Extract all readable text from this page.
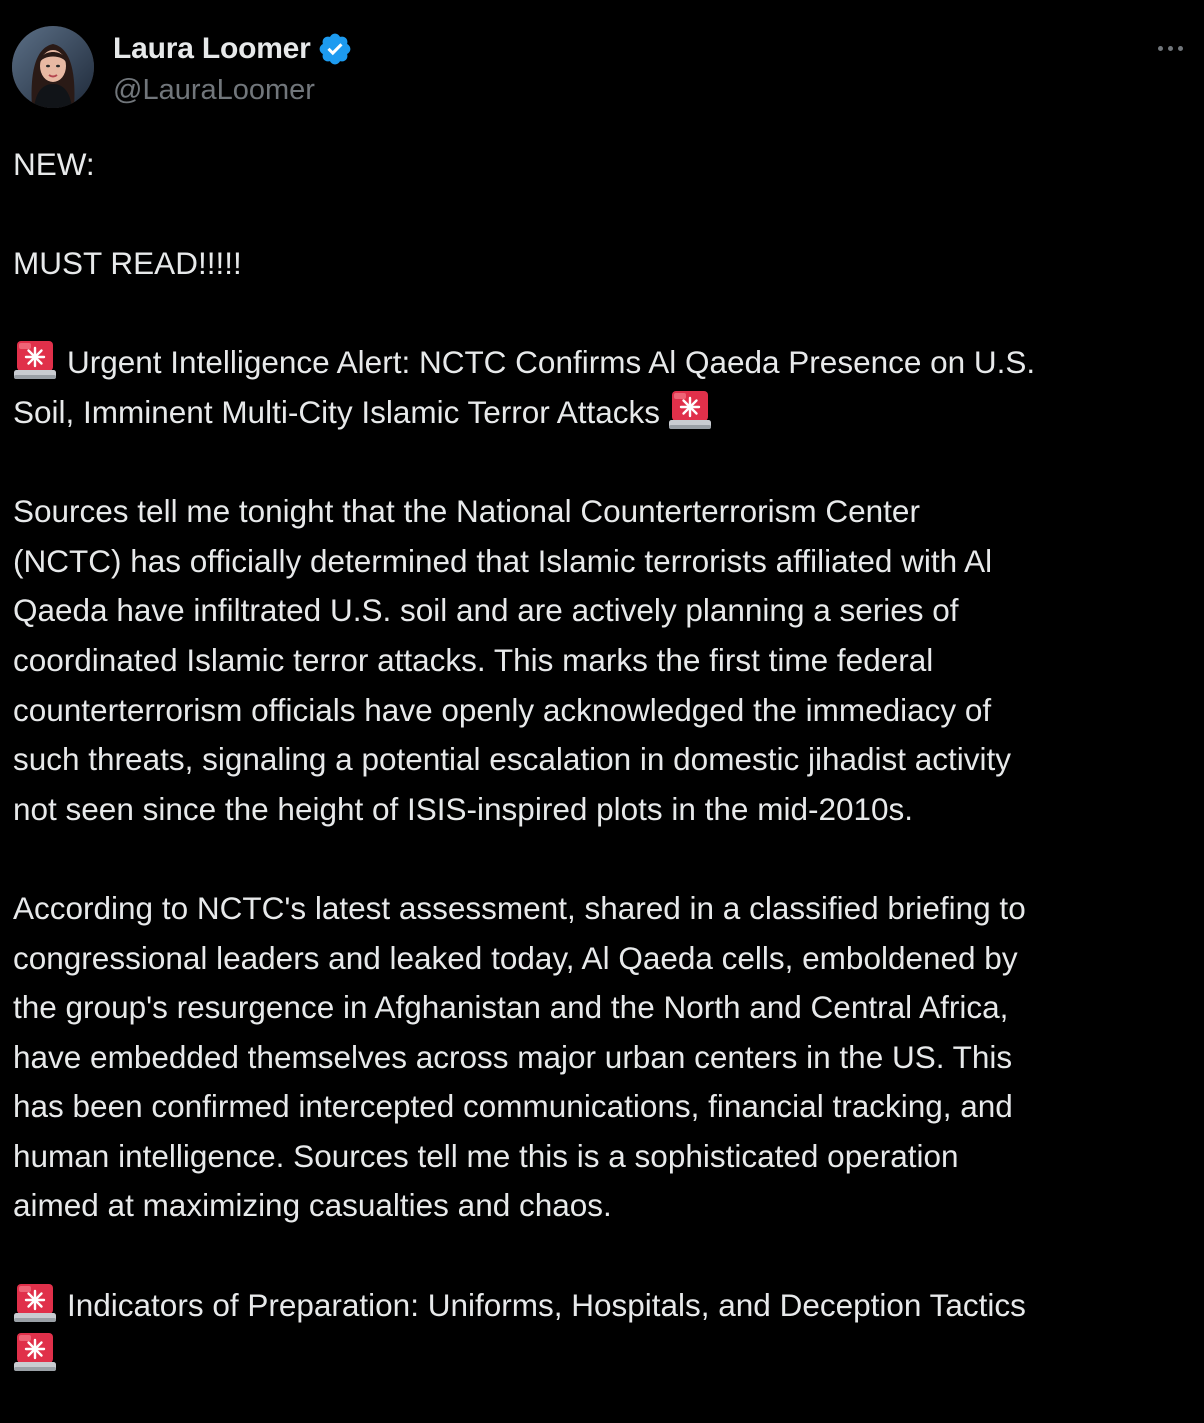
Laura Loomer
@LauraLoomer
NEW:
MUST READ!!!!!
Urgent Intelligence Alert: NCTC Confirms Al Qaeda Presence on U.S.
Soil, Imminent Multi-City Islamic Terror Attacks
Sources tell me tonight that the National Counterterrorism Center
(NCTC) has officially determined that Islamic terrorists affiliated with Al
Qaeda have infiltrated U.S. soil and are actively planning a series of
coordinated Islamic terror attacks. This marks the first time federal
counterterrorism officials have openly acknowledged the immediacy of
such threats, signaling a potential escalation in domestic jihadist activity
not seen since the height of ISIS-inspired plots in the mid-2010s.
According to NCTC's latest assessment, shared in a classified briefing to
congressional leaders and leaked today, Al Qaeda cells, emboldened by
the group's resurgence in Afghanistan and the North and Central Africa,
have embedded themselves across major urban centers in the US. This
has been confirmed intercepted communications, financial tracking, and
human intelligence. Sources tell me this is a sophisticated operation
aimed at maximizing casualties and chaos.
Indicators of Preparation: Uniforms, Hospitals, and Deception Tactics
